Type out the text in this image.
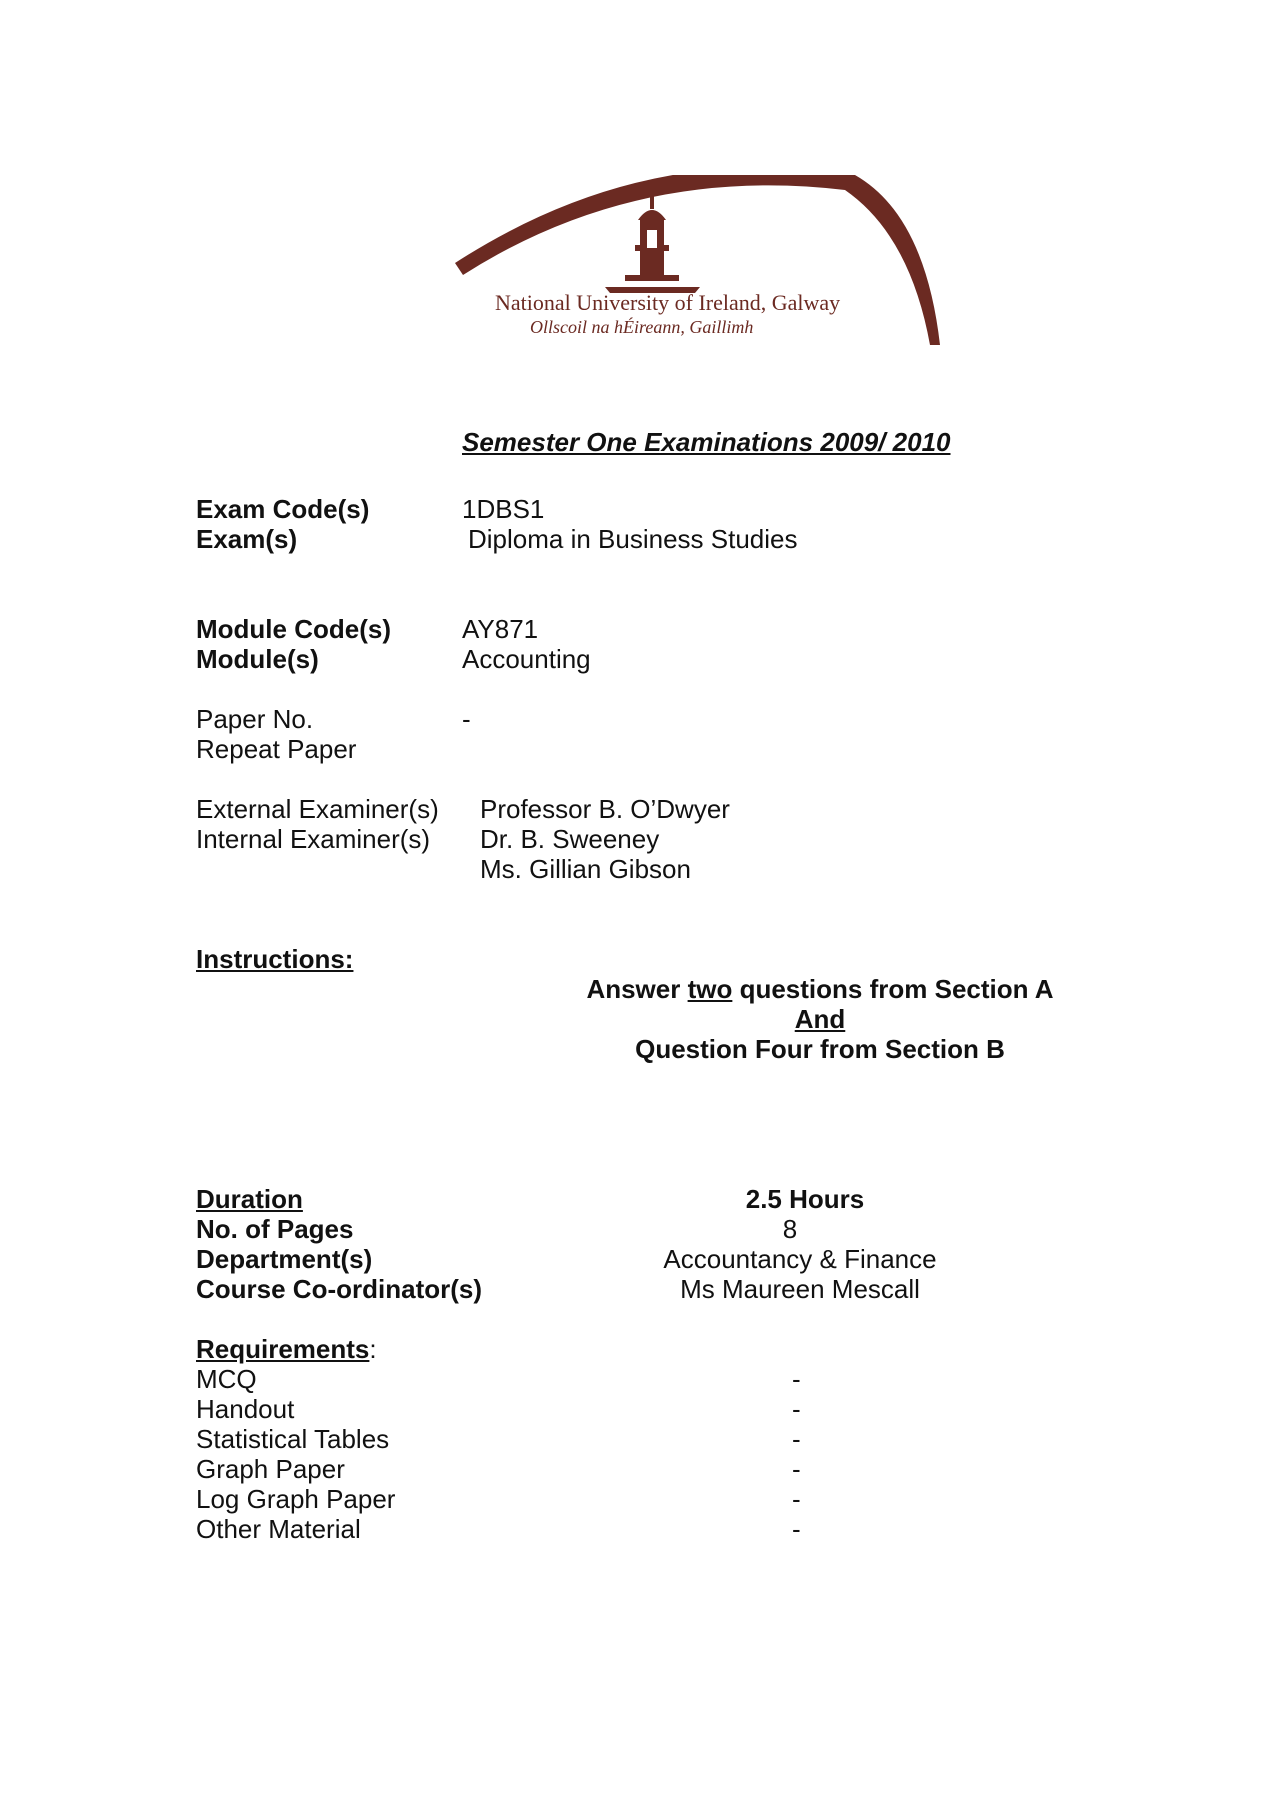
National University of Ireland, Galway
Ollscoil na hÉireann, Gaillimh
Semester One Examinations 2009/ 2010
Exam Code(s)	1DBS1
Exam(s)	Diploma in Business Studies
Module Code(s)	AY871
Module(s)	Accounting
Paper No.	-
Repeat Paper
External Examiner(s) Professor B. O’Dwyer
Internal Examiner(s) Dr. B. Sweeney
Ms. Gillian Gibson
Instructions:
Answer two questions from Section A
And
Question Four from Section B
Duration	2.5 Hours
No. of Pages	8
Department(s)	Accountancy & Finance
Course Co-ordinator(s)	Ms Maureen Mescall
Requirements:
MCQ	-
Handout	-
Statistical Tables	-
Graph Paper	-
Log Graph Paper	-
Other Material	-
